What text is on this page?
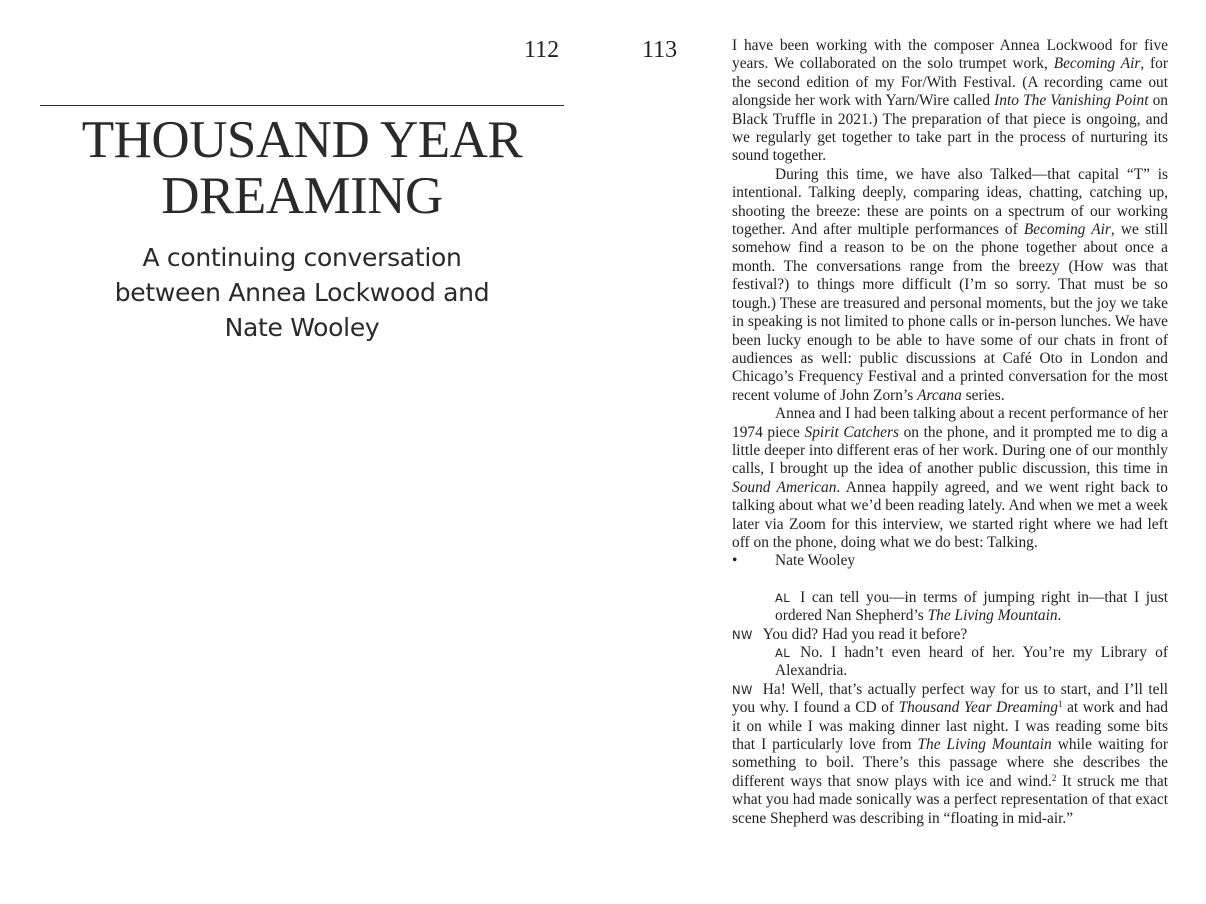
112	113
THOUSAND YEAR
DREAMING
A continuing conversation
between Annea Lockwood and
Nate Wooley

I have been working with the composer Annea Lockwood for five years. We collaborated on the solo trumpet work, Becoming Air, for the second edition of my For/With Festival. (A recording came out alongside her work with Yarn/Wire called Into The Vanishing Point on Black Truffle in 2021.) The preparation of that piece is ongoing, and we regularly get together to take part in the process of nurturing its sound together.

During this time, we have also Talked—that capital “T” is intentional. Talking deeply, comparing ideas, chatting, catching up, shooting the breeze: these are points on a spectrum of our working together. And after multiple performances of Becoming Air, we still somehow find a reason to be on the phone together about once a month. The conversations range from the breezy (How was that festival?) to things more difficult (I’m so sorry. That must be so tough.) These are treasured and personal moments, but the joy we take in speaking is not limited to phone calls or in-person lunches. We have been lucky enough to be able to have some of our chats in front of audiences as well: public discussions at Café Oto in London and Chicago’s Frequency Festival and a printed conversation for the most recent volume of John Zorn’s Arcana series.

Annea and I had been talking about a recent performance of her 1974 piece Spirit Catchers on the phone, and it prompted me to dig a little deeper into different eras of her work. During one of our monthly calls, I brought up the idea of another public discussion, this time in Sound American. Annea happily agreed, and we went right back to talking about what we’d been reading lately. And when we met a week later via Zoom for this interview, we started right where we had left off on the phone, doing what we do best: Talking.

• Nate Wooley

AL I can tell you—in terms of jumping right in—that I just ordered Nan Shepherd’s The Living Mountain.

NW You did? Had you read it before?

AL No. I hadn’t even heard of her. You’re my Library of Alexandria.

NW Ha! Well, that’s actually perfect way for us to start, and I’ll tell you why. I found a CD of Thousand Year Dreaming$^1$ at work and had it on while I was making dinner last night. I was reading some bits that I particularly love from The Living Mountain while waiting for something to boil. There’s this passage where she describes the different ways that snow plays with ice and wind.$^2$ It struck me that what you had made sonically was a perfect representation of that exact scene Shepherd was describing in “floating in mid-air.”
